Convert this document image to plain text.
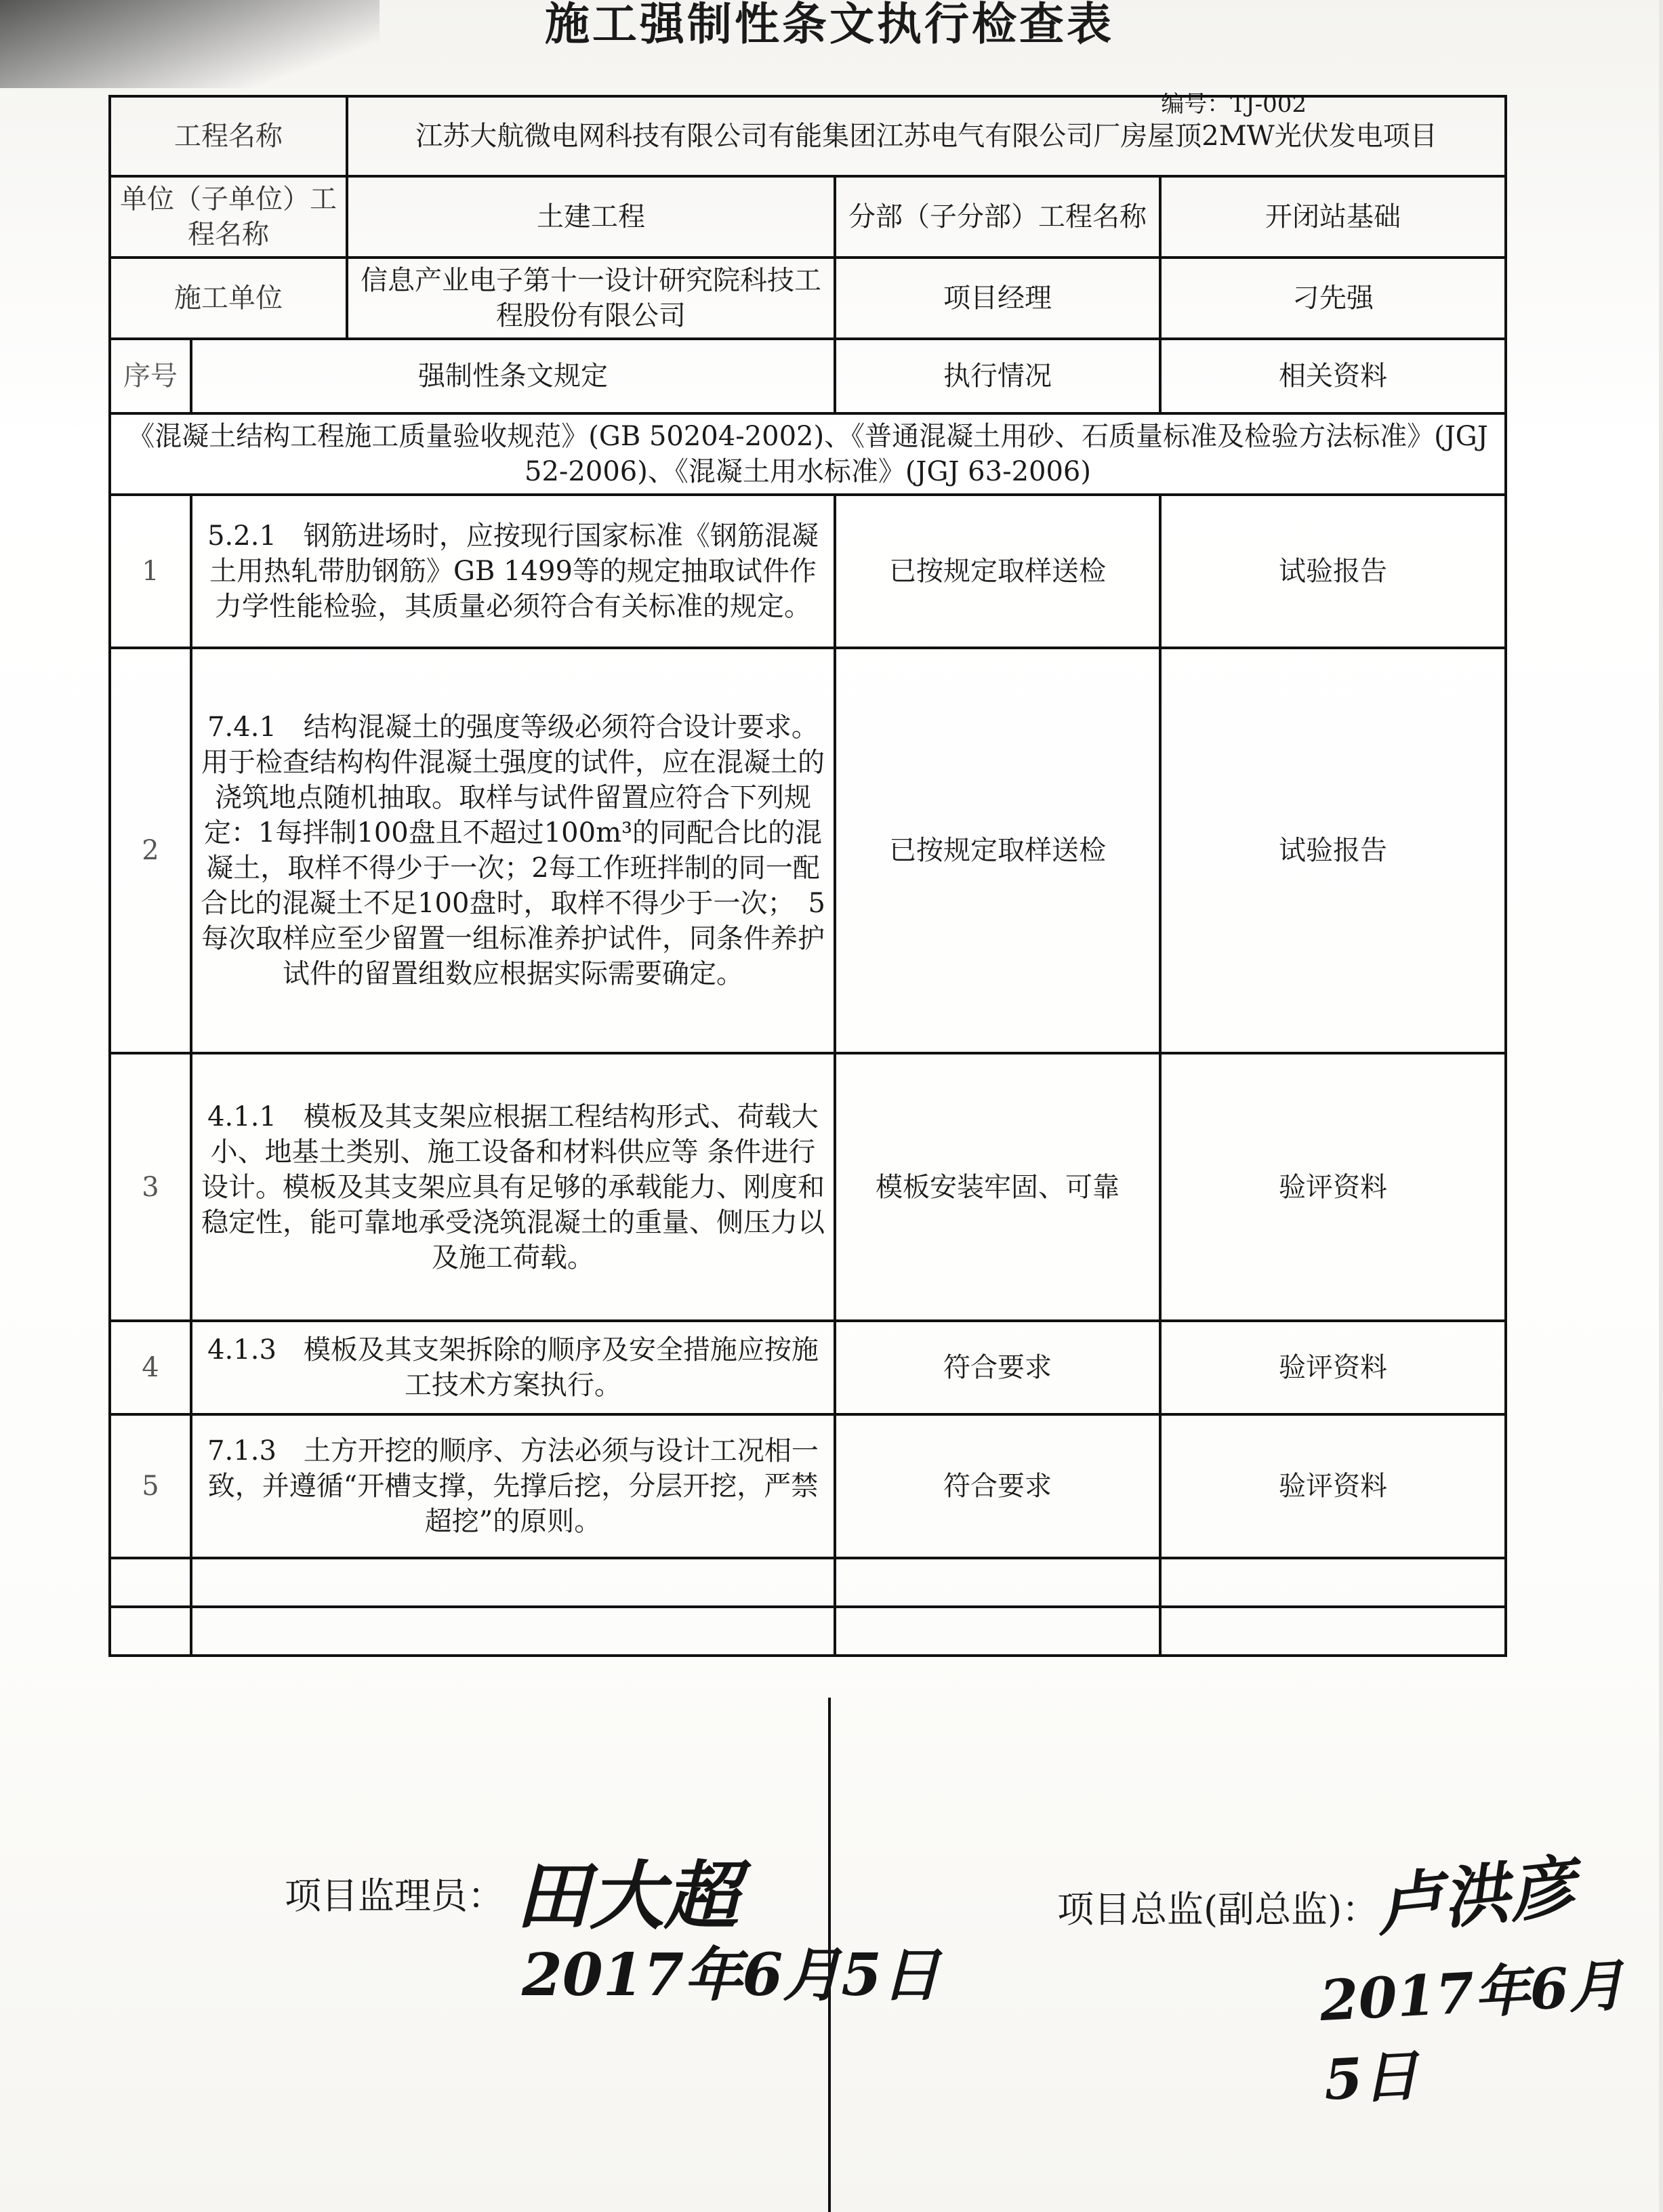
施工强制性条文执行检查表
编号：TJ-002
工程名称		江苏大航微电网科技有限公司有能集团江苏电气有限公司厂房屋顶2MW光伏发电项目		
单位（子单位）工程名称		土建工程	分部（子分部）工程名称	开闭站基础
施工单位		信息产业电子第十一设计研究院科技工程股份有限公司	项目经理	刁先强
序号	强制性条文规定		执行情况	相关资料
《混凝土结构工程施工质量验收规范》(GB 50204-2002)、《普通混凝土用砂、石质量标准及检验方法标准》(JGJ 52-2006)、《混凝土用水标准》(JGJ 63-2006)				
1	5.2.1　钢筋进场时，应按现行国家标准《钢筋混凝土用热轧带肋钢筋》GB 1499等的规定抽取试件作力学性能检验，其质量必须符合有关标准的规定。		已按规定取样送检	试验报告
2	7.4.1　结构混凝土的强度等级必须符合设计要求。用于检查结构构件混凝土强度的试件，应在混凝土的浇筑地点随机抽取。取样与试件留置应符合下列规定：1每拌制100盘且不超过100m³的同配合比的混凝土，取样不得少于一次；2每工作班拌制的同一配合比的混凝土不足100盘时，取样不得少于一次；　5　每次取样应至少留置一组标准养护试件，同条件养护试件的留置组数应根据实际需要确定。		已按规定取样送检	试验报告
3	4.1.1　模板及其支架应根据工程结构形式、荷载大小、地基土类别、施工设备和材料供应等 条件进行设计。模板及其支架应具有足够的承载能力、刚度和稳定性，能可靠地承受浇筑混凝土的重量、侧压力以及施工荷载。		模板安装牢固、可靠	验评资料
4	4.1.3　模板及其支架拆除的顺序及安全措施应按施工技术方案执行。		符合要求	验评资料
5	7.1.3　土方开挖的顺序、方法必须与设计工况相一致，并遵循“开槽支撑，先撑后挖，分层开挖，严禁超挖”的原则。		符合要求	验评资料

项目监理员： 田大超
2017年6月5日
项目总监(副总监)：
卢洪彦
2017年6月5日
